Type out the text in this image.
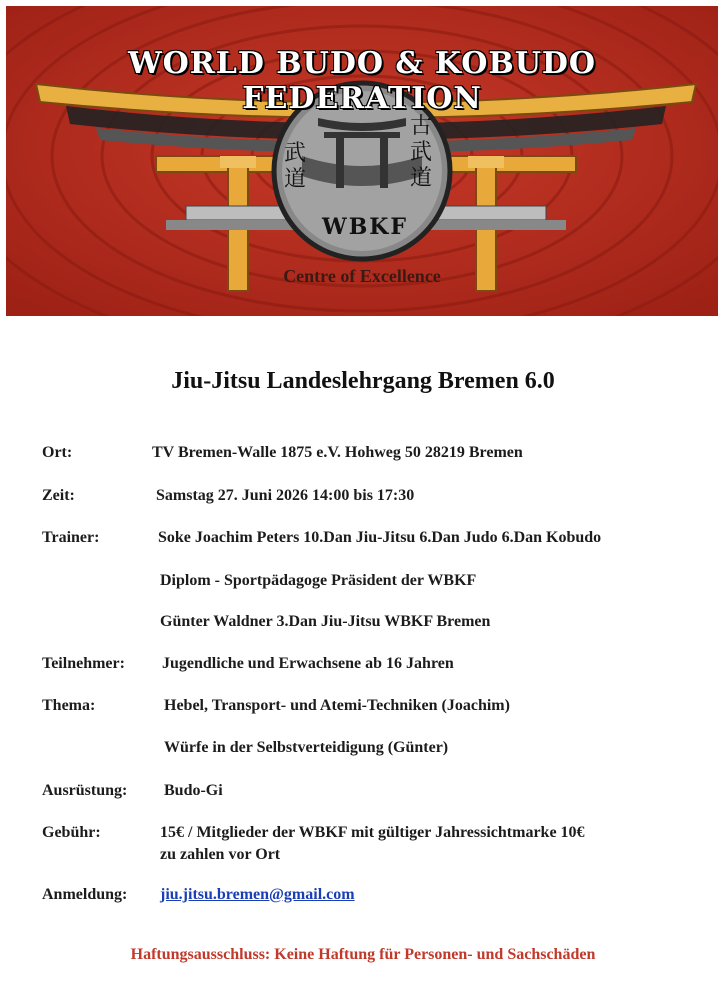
WORLD BUDO & KOBUDO FEDERATION
武
道
古
武
道
WBKF
Centre of Excellence
Jiu-Jitsu Landeslehrgang Bremen 6.0
Ort:	TV Bremen-Walle 1875 e.V. Hohweg 50 28219 Bremen
Zeit:	Samstag 27. Juni 2026 14:00 bis 17:30
Trainer:	Soke Joachim Peters 10.Dan Jiu-Jitsu 6.Dan Judo 6.Dan Kobudo
Diplom - Sportpädagoge Präsident der WBKF
Günter Waldner 3.Dan Jiu-Jitsu WBKF Bremen
Teilnehmer: Jugendliche und Erwachsene ab 16 Jahren
Thema:	Hebel, Transport- und Atemi-Techniken (Joachim)
Würfe in der Selbstverteidigung (Günter)
Ausrüstung: Budo-Gi
Gebühr:	15€ / Mitglieder der WBKF mit gültiger Jahressichtmarke 10€
zu zahlen vor Ort
Anmeldung: jiu.jitsu.bremen@gmail.com
Haftungsausschluss: Keine Haftung für Personen- und Sachschäden
